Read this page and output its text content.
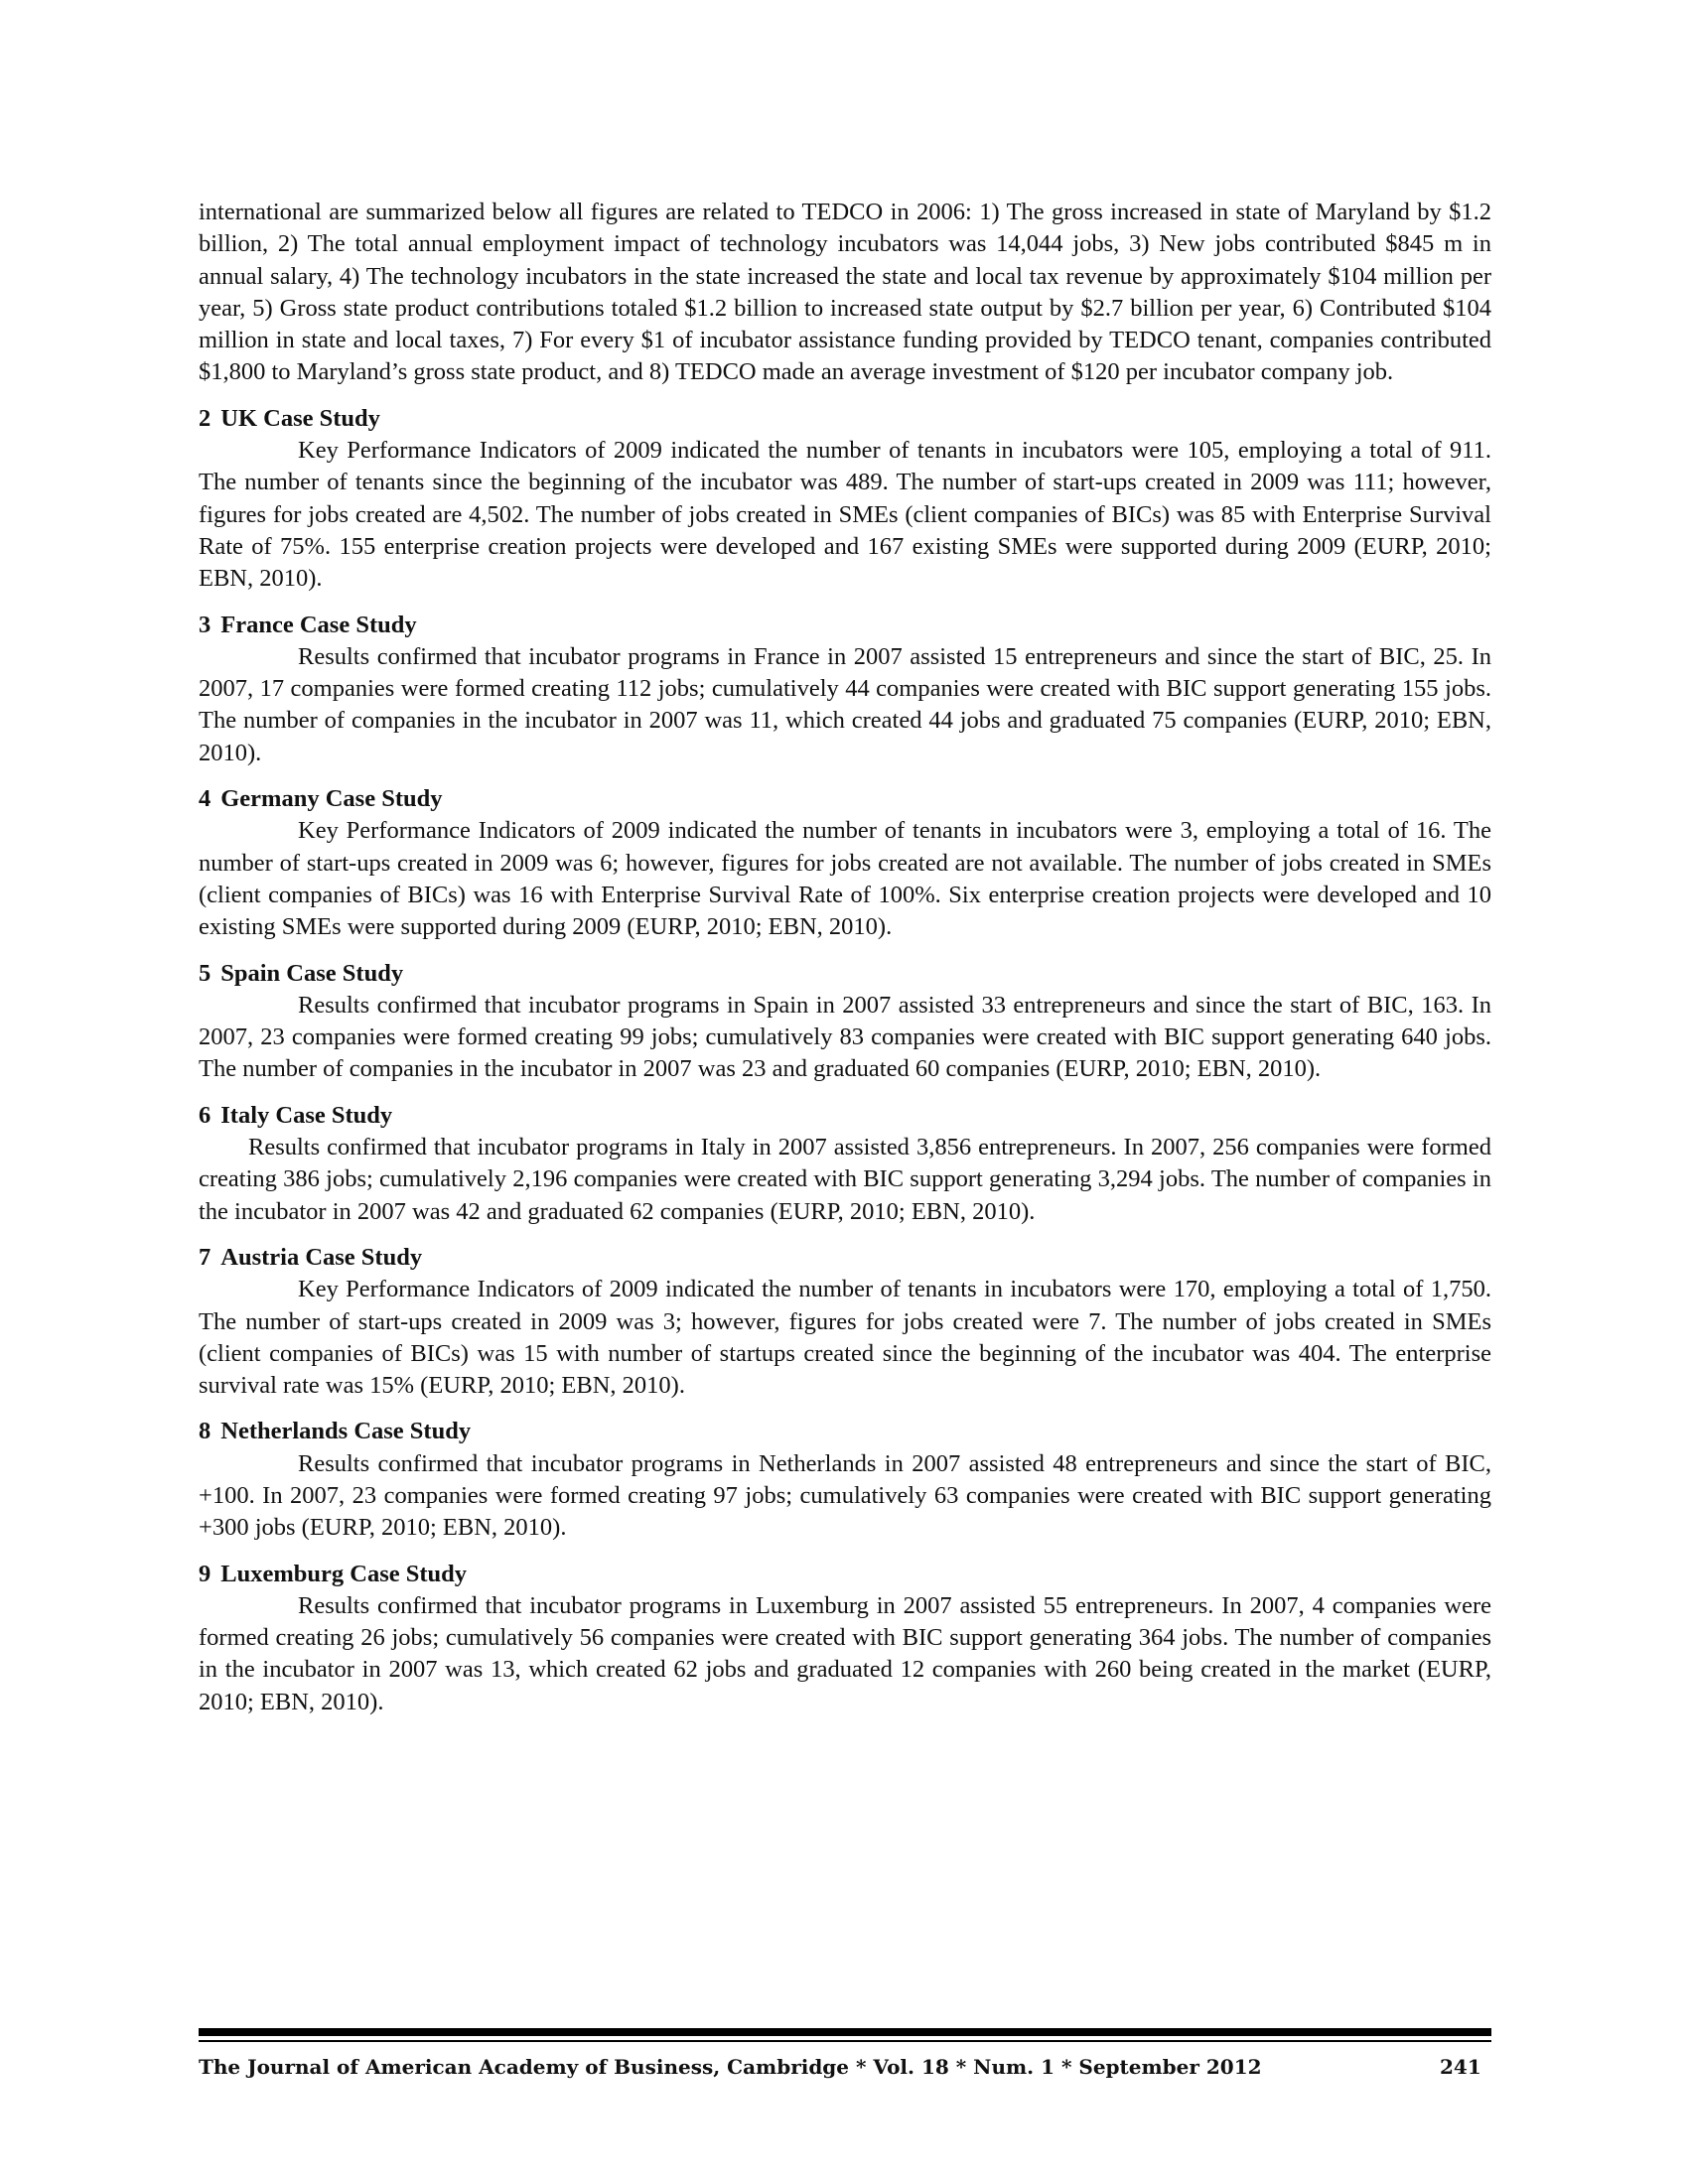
international are summarized below all figures are related to TEDCO in 2006: 1) The gross increased in state of Maryland by $1.2 billion, 2) The total annual employment impact of technology incubators was 14,044 jobs, 3) New jobs contributed $845 m in annual salary, 4) The technology incubators in the state increased the state and local tax revenue by approximately $104 million per year, 5) Gross state product contributions totaled $1.2 billion to increased state output by $2.7 billion per year, 6) Contributed $104 million in state and local taxes, 7) For every $1 of incubator assistance funding provided by TEDCO tenant, companies contributed $1,800 to Maryland’s gross state product, and 8) TEDCO made an average investment of $120 per incubator company job.

2 UK Case Study

Key Performance Indicators of 2009 indicated the number of tenants in incubators were 105, employing a total of 911. The number of tenants since the beginning of the incubator was 489. The number of start-ups created in 2009 was 111; however, figures for jobs created are 4,502. The number of jobs created in SMEs (client companies of BICs) was 85 with Enterprise Survival Rate of 75%. 155 enterprise creation projects were developed and 167 existing SMEs were supported during 2009 (EURP, 2010; EBN, 2010).

3 France Case Study

Results confirmed that incubator programs in France in 2007 assisted 15 entrepreneurs and since the start of BIC, 25. In 2007, 17 companies were formed creating 112 jobs; cumulatively 44 companies were created with BIC support generating 155 jobs. The number of companies in the incubator in 2007 was 11, which created 44 jobs and graduated 75 companies (EURP, 2010; EBN, 2010).

4 Germany Case Study

Key Performance Indicators of 2009 indicated the number of tenants in incubators were 3, employing a total of 16. The number of start-ups created in 2009 was 6; however, figures for jobs created are not available. The number of jobs created in SMEs (client companies of BICs) was 16 with Enterprise Survival Rate of 100%. Six enterprise creation projects were developed and 10 existing SMEs were supported during 2009 (EURP, 2010; EBN, 2010).

5 Spain Case Study

Results confirmed that incubator programs in Spain in 2007 assisted 33 entrepreneurs and since the start of BIC, 163. In 2007, 23 companies were formed creating 99 jobs; cumulatively 83 companies were created with BIC support generating 640 jobs. The number of companies in the incubator in 2007 was 23 and graduated 60 companies (EURP, 2010; EBN, 2010).

6 Italy Case Study

Results confirmed that incubator programs in Italy in 2007 assisted 3,856 entrepreneurs. In 2007, 256 companies were formed creating 386 jobs; cumulatively 2,196 companies were created with BIC support generating 3,294 jobs. The number of companies in the incubator in 2007 was 42 and graduated 62 companies (EURP, 2010; EBN, 2010).

7 Austria Case Study

Key Performance Indicators of 2009 indicated the number of tenants in incubators were 170, employing a total of 1,750. The number of start-ups created in 2009 was 3; however, figures for jobs created were 7. The number of jobs created in SMEs (client companies of BICs) was 15 with number of startups created since the beginning of the incubator was 404. The enterprise survival rate was 15% (EURP, 2010; EBN, 2010).

8 Netherlands Case Study

Results confirmed that incubator programs in Netherlands in 2007 assisted 48 entrepreneurs and since the start of BIC, +100. In 2007, 23 companies were formed creating 97 jobs; cumulatively 63 companies were created with BIC support generating +300 jobs (EURP, 2010; EBN, 2010).

9 Luxemburg Case Study

Results confirmed that incubator programs in Luxemburg in 2007 assisted 55 entrepreneurs. In 2007, 4 companies were formed creating 26 jobs; cumulatively 56 companies were created with BIC support generating 364 jobs. The number of companies in the incubator in 2007 was 13, which created 62 jobs and graduated 12 companies with 260 being created in the market (EURP, 2010; EBN, 2010).

The Journal of American Academy of Business, Cambridge * Vol. 18 * Num. 1 * September 2012	241
